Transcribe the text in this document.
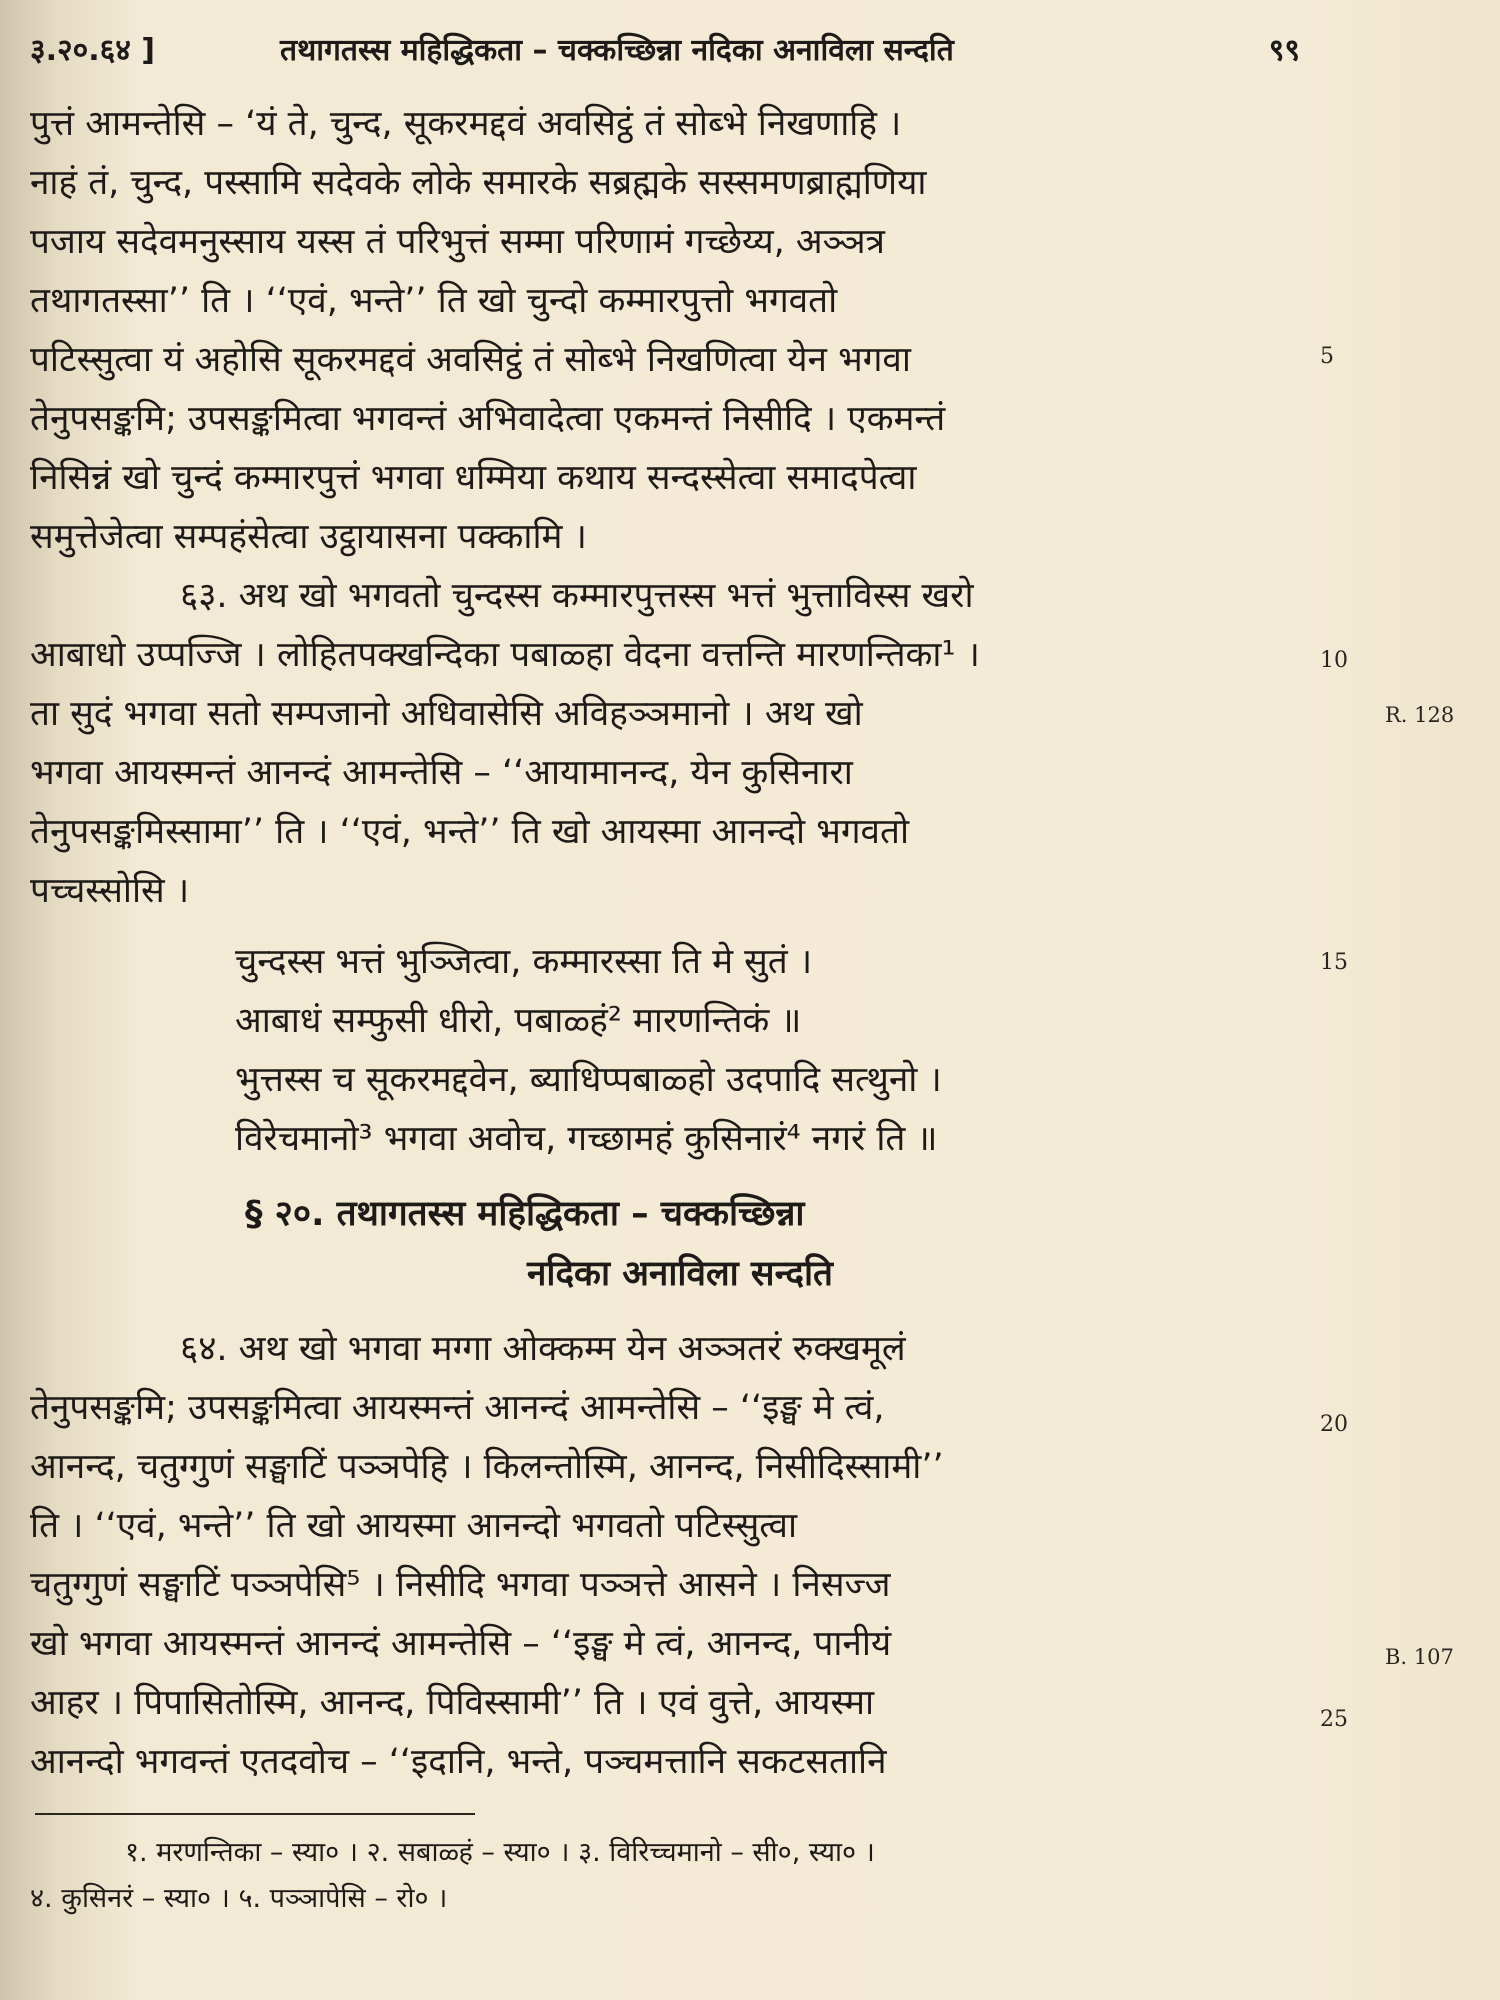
३.२०.६४ ]	तथागतस्स महिद्धिकता – चक्कच्छिन्ना नदिका अनाविला सन्दति	९९
पुत्तं आमन्तेसि – ‘यं ते, चुन्द, सूकरमद्दवं अवसिट्ठं तं सोब्भे निखणाहि ।
नाहं तं, चुन्द, पस्सामि सदेवके लोके समारके सब्रह्मके सस्समणब्राह्मणिया
पजाय सदेवमनुस्साय यस्स तं परिभुत्तं सम्मा परिणामं गच्छेय्य, अञ्ञत्र
तथागतस्सा’’ ति । ‘‘एवं, भन्ते’’ ति खो चुन्दो कम्मारपुत्तो भगवतो
पटिस्सुत्वा यं अहोसि सूकरमद्दवं अवसिट्ठं तं सोब्भे निखणित्वा येन भगवा
तेनुपसङ्कमि; उपसङ्कमित्वा भगवन्तं अभिवादेत्वा एकमन्तं निसीदि । एकमन्तं
निसिन्नं खो चुन्दं कम्मारपुत्तं भगवा धम्मिया कथाय सन्दस्सेत्वा समादपेत्वा
समुत्तेजेत्वा सम्पहंसेत्वा उट्ठायासना पक्कामि ।
६३. अथ खो भगवतो चुन्दस्स कम्मारपुत्तस्स भत्तं भुत्ताविस्स खरो
आबाधो उप्पज्जि । लोहितपक्खन्दिका पबाळ्हा वेदना वत्तन्ति मारणन्तिका¹ ।
ता सुदं भगवा सतो सम्पजानो अधिवासेसि अविहञ्ञमानो । अथ खो
भगवा आयस्मन्तं आनन्दं आमन्तेसि – ‘‘आयामानन्द, येन कुसिनारा
तेनुपसङ्कमिस्सामा’’ ति । ‘‘एवं, भन्ते’’ ति खो आयस्मा आनन्दो भगवतो
पच्चस्सोसि ।
चुन्दस्स भत्तं भुञ्जित्वा, कम्मारस्सा ति मे सुतं ।
आबाधं सम्फुसी धीरो, पबाळ्हं² मारणन्तिकं ॥
भुत्तस्स च सूकरमद्दवेन, ब्याधिप्पबाळ्हो उदपादि सत्थुनो ।
विरेचमानो³ भगवा अवोच, गच्छामहं कुसिनारं⁴ नगरं ति ॥
§ २०. तथागतस्स महिद्धिकता – चक्कच्छिन्ना
नदिका अनाविला सन्दति
६४. अथ खो भगवा मग्गा ओक्कम्म येन अञ्ञतरं रुक्खमूलं
तेनुपसङ्कमि; उपसङ्कमित्वा आयस्मन्तं आनन्दं आमन्तेसि – ‘‘इङ्घ मे त्वं,
आनन्द, चतुग्गुणं सङ्घाटिं पञ्ञपेहि । किलन्तोस्मि, आनन्द, निसीदिस्सामी’’
ति । ‘‘एवं, भन्ते’’ ति खो आयस्मा आनन्दो भगवतो पटिस्सुत्वा
चतुग्गुणं सङ्घाटिं पञ्ञपेसि⁵ । निसीदि भगवा पञ्ञत्ते आसने । निसज्ज
खो भगवा आयस्मन्तं आनन्दं आमन्तेसि – ‘‘इङ्घ मे त्वं, आनन्द, पानीयं
आहर । पिपासितोस्मि, आनन्द, पिविस्सामी’’ ति । एवं वुत्ते, आयस्मा
आनन्दो भगवन्तं एतदवोच – ‘‘इदानि, भन्ते, पञ्चमत्तानि सकटसतानि
5
10
15
20
25
R. 128
B. 107
१. मरणन्तिका – स्या० । २. सबाळ्हं – स्या० । ३. विरिच्चमानो – सी०, स्या० ।
४. कुसिनरं – स्या० । ५. पञ्ञापेसि – रो० ।
